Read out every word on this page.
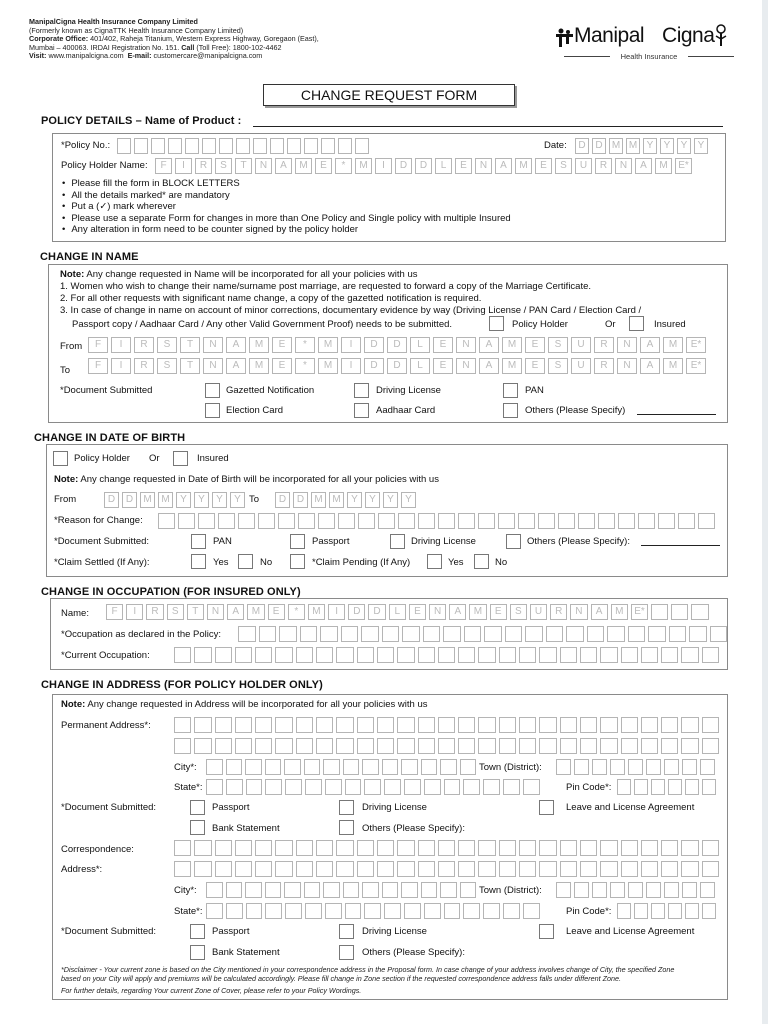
ManipalCigna Health Insurance Company Limited
(Formerly known as CignaTTK Health Insurance Company Limited)
Corporate Office: 401/402, Raheja Titanium, Western Express Highway, Goregaon (East),
Mumbai – 400063. IRDAI Registration No. 151. Call (Toll Free): 1800-102-4462
Visit: www.manipalcigna.com E-mail: customercare@manipalcigna.com
Manipal Cigna
Health Insurance
CHANGE REQUEST FORM
POLICY DETAILS – Name of Product :
*Policy No.:	Date:	D D M M Y	Y	Y	Y
Policy Holder Name:	F	I	R	S	T	N	A	M	E	*	M	I	D	D	L	E	N	A	M	E	S	U	R	N	A	M	E*
• Please fill the form in BLOCK LETTERS
• All the details marked* are mandatory
• Put a (✓) mark wherever
• Please use a separate Form for changes in more than One Policy and Single policy with multiple Insured
• Any alteration in form need to be counter signed by the policy holder
CHANGE IN NAME
Note: Any change requested in Name will be incorporated for all your policies with us
1. Women who wish to change their name/surname post marriage, are requested to forward a copy of the Marriage Certificate.
2. For all other requests with significant name change, a copy of the gazetted notification is required.
3. In case of change in name on account of minor corrections, documentary evidence by way (Driving License / PAN Card / Election Card /
Passport copy / Aadhaar Card / Any other Valid Government Proof) needs to be submitted.	Policy Holder	Or	Insured
From	F	I	R	S	T	N	A	M	E	*	M	I	D	D	L	E	N	A	M	E	S	U	R	N	A	M	E*
To	F	I	R	S	T	N	A	M	E	*	M	I	D	D	L	E	N	A	M	E	S	U	R	N	A	M	E*
*Document Submitted	Gazetted Notification	Driving License	PAN
Election Card	Aadhaar Card	Others (Please Specify)
CHANGE IN DATE OF BIRTH
Policy Holder Or	Insured
Note: Any change requested in Date of Birth will be incorporated for all your policies with us
From	D	D	M M	Y	Y	Y	Y To	D	D	M M	Y	Y	Y	Y
*Reason for Change:
*Document Submitted:	PAN	Passport	Driving License	Others (Please Specify):
*Claim Settled (If Any):	Yes	No	*Claim Pending (If Any)	Yes	No
CHANGE IN OCCUPATION (FOR INSURED ONLY)
Name:	F	I	R	S	T	N	A	M	E	*	M	I	D	D	L	E	N	A	M	E	S	U	R	N	A	M	E*
*Occupation as declared in the Policy:
*Current Occupation:
CHANGE IN ADDRESS (FOR POLICY HOLDER ONLY)
Note: Any change requested in Address will be incorporated for all your policies with us
Permanent Address*:
City*:	Town (District):
State*:	Pin Code*:
*Document Submitted:	Passport	Driving License	Leave and License Agreement
Bank Statement	Others (Please Specify):
Correspondence:
Address*:
City*:	Town (District):
State*:	Pin Code*:
*Document Submitted:	Passport	Driving License	Leave and License Agreement
Bank Statement	Others (Please Specify):
*Disclaimer - Your current zone is based on the City mentioned in your correspondence address in the Proposal form. In case change of your address involves change of City, the specified Zone
based on your City will apply and premiums will be calculated accordingly. Please fill change in Zone section if the requested correspondence address falls under different Zone.
For further details, regarding Your current Zone of Cover, please refer to your Policy Wordings.
